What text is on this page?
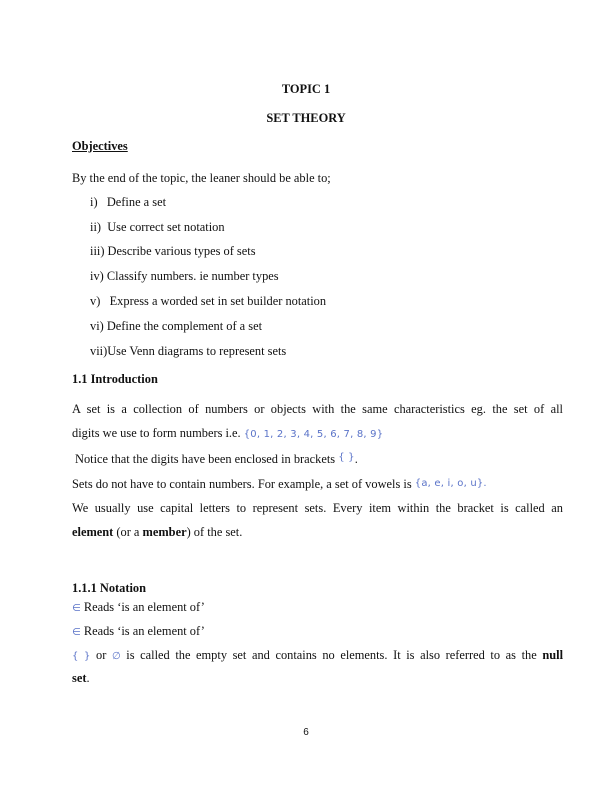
TOPIC 1
SET THEORY
Objectives
By the end of the topic, the leaner should be able to;
i)   Define a set
ii)  Use correct set notation
iii) Describe various types of sets
iv) Classify numbers. ie number types
v)   Express a worded set in set builder notation
vi) Define the complement of a set
vii)Use Venn diagrams to represent sets
1.1 Introduction
A set is a collection of numbers or objects with the same characteristics eg. the set of all
digits we use to form numbers i.e. {0, 1, 2, 3, 4, 5, 6, 7, 8, 9}
Notice that the digits have been enclosed in brackets { }.
Sets do not have to contain numbers. For example, a set of vowels is {a, e, i, o, u}.
We usually use capital letters to represent sets. Every item within the bracket is called an
element (or a member) of the set.
1.1.1 Notation
∈ Reads ‘is an element of’
∈ Reads ‘is an element of’
{ } or ∅ is called the empty set and contains no elements. It is also referred to as the null
set.
6
